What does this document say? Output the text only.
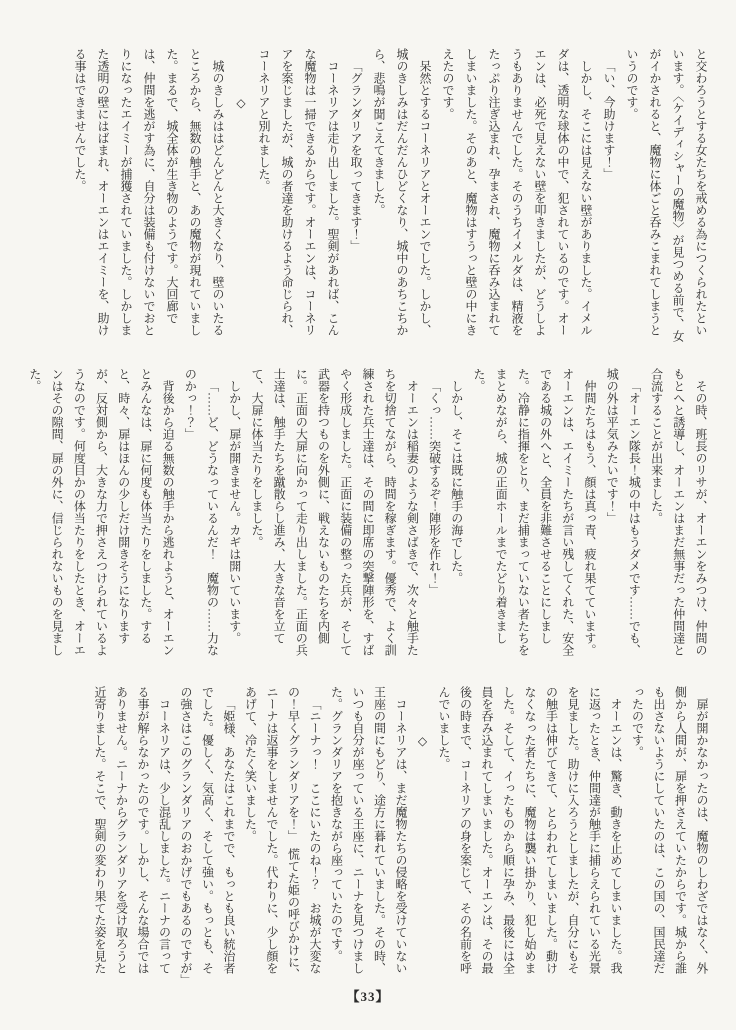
と交わろうとする女たちを戒める為につくられたといいます。〈ケイディシャーの魔物〉が見つめる前で、女がイかされると、魔物に体ごと呑みこまれてしまうというのです。

「い、今助けます！」

しかし、そこには見えない壁がありました。イメルダは、透明な球体の中で、犯されているのです。オーエンは、必死で見えない壁を叩きましたが、どうしようもありませんでした。そのうちイメルダは、精液をたっぷり注ぎ込まれ、孕まされ、魔物に呑み込まれてしまいました。そのあと、魔物はすうっと壁の中にきえたのです。

呆然とするコーネリアとオーエンでした。しかし、城のきしみはだんだんひどくなり、城中のあちこちから、悲鳴が聞こえてきました。

「グランダリアを取ってきます！」

コーネリアは走り出しました。聖剣があれば、こんな魔物は一掃できるからです。オーエンは、コーネリアを案じましたが、城の者達を助けるよう命じられ、コーネリアと別れました。

◇

城のきしみははどんどんと大きくなり、壁のいたるところから、無数の触手と、あの魔物が現れていました。まるで、城全体が生き物のようです。大回廊では、仲間を逃がす為に、自分は装備も付けないでおとりになったエイミーが捕獲されていました。しかしまた透明の壁にはばまれ、オーエンはエイミーを、助ける事はできませんでした。

その時、班長のリサが、オーエンをみつけ、仲間のもとへと誘導し、オーエンはまだ無事だった仲間達と合流することが出来ました。

「オーエン隊長！城の中はもうダメです……でも、城の外は平気みたいです！」

仲間たちはもう、顔は真っ青、疲れ果てています。オーエンは、エイミーたちが言い残してくれた、安全である城の外へと、全員を非難させることにしました。冷静に指揮をとり、まだ捕まっていない者たちをまとめながら、城の正面ホールまでたどり着きました。

しかし、そこは既に触手の海でした。

「くっ……突破するぞ！陣形を作れ！」

オーエンは稲妻のような剣さばきで、次々と触手たちを切捨てながら、時間を稼ぎます。優秀で、よく訓練された兵士達は、その間に即席の突撃陣形を、すばやく形成しました。正面に装備の整った兵が、そして武器を持つものを外側に、戦えないものたちを内側に。正面の大扉に向かって走り出しました。正面の兵士達は、触手たちを蹴散らし進み、大きな音を立てて、大扉に体当たりをしました。

しかし、扉が開きません。カギは開いています。

「……ど、どうなっているんだ！　魔物の……力なのかっ！？」

背後から迫る無数の触手から逃れようと、オーエンとみんなは、扉に何度も体当たりをしました。すると、時々、扉はほんの少しだけ開きそうになりますが、反対側から、大きな力で押さえつけられているようなのです。何度目かの体当たりをしたとき、オーエンはその隙間、扉の外に、信じられないものを見ました。

扉が開かなかったのは、魔物のしわざではなく、外側から人間が、扉を押さえていたからです。城から誰も出さないようにしていたのは、この国の、国民達だったのです。

オーエンは、驚き、動きを止めてしまいました。我に返ったとき、仲間達が触手に捕らえられている光景を見ました。助けに入ろうとしましたが、自分にもその触手は伸びてきて、とらわれてしまいました。動けなくなった者たちに、魔物は襲い掛かり、犯し始めました。そして、イったものから順に孕み、最後には全員を呑み込まれてしまいました。オーエンは、その最後の時まで、コーネリアの身を案じて、その名前を呼んでいました。

◇

コーネリアは、まだ魔物たちの侵略を受けていない王座の間にもどり、途方に暮れていました。その時、いつも自分が座っている王座に、ニーナを見つけました。グランダリアを抱きながら座っていたのです。

「ニーナっ！　ここにいたのね！？　お城が大変なの！早くグランダリアを！」　慌てた姫の呼びかけに、ニーナは返事をしませんでした。代わりに、少し顔をあげて、冷たく笑いました。

「姫様、あなたはこれまでで、もっとも良い統治者でした。優しく、気高く、そして強い。もっとも、その強さはこのグランダリアのおかげでもあるのですが」

コーネリアは、少し混乱しました。ニーナの言ってる事が解らなかったのです。しかし、そんな場合ではありません。ニーナからグランダリアを受け取ろうと近寄りました。そこで、聖剣の変わり果てた姿を見た

【33】
